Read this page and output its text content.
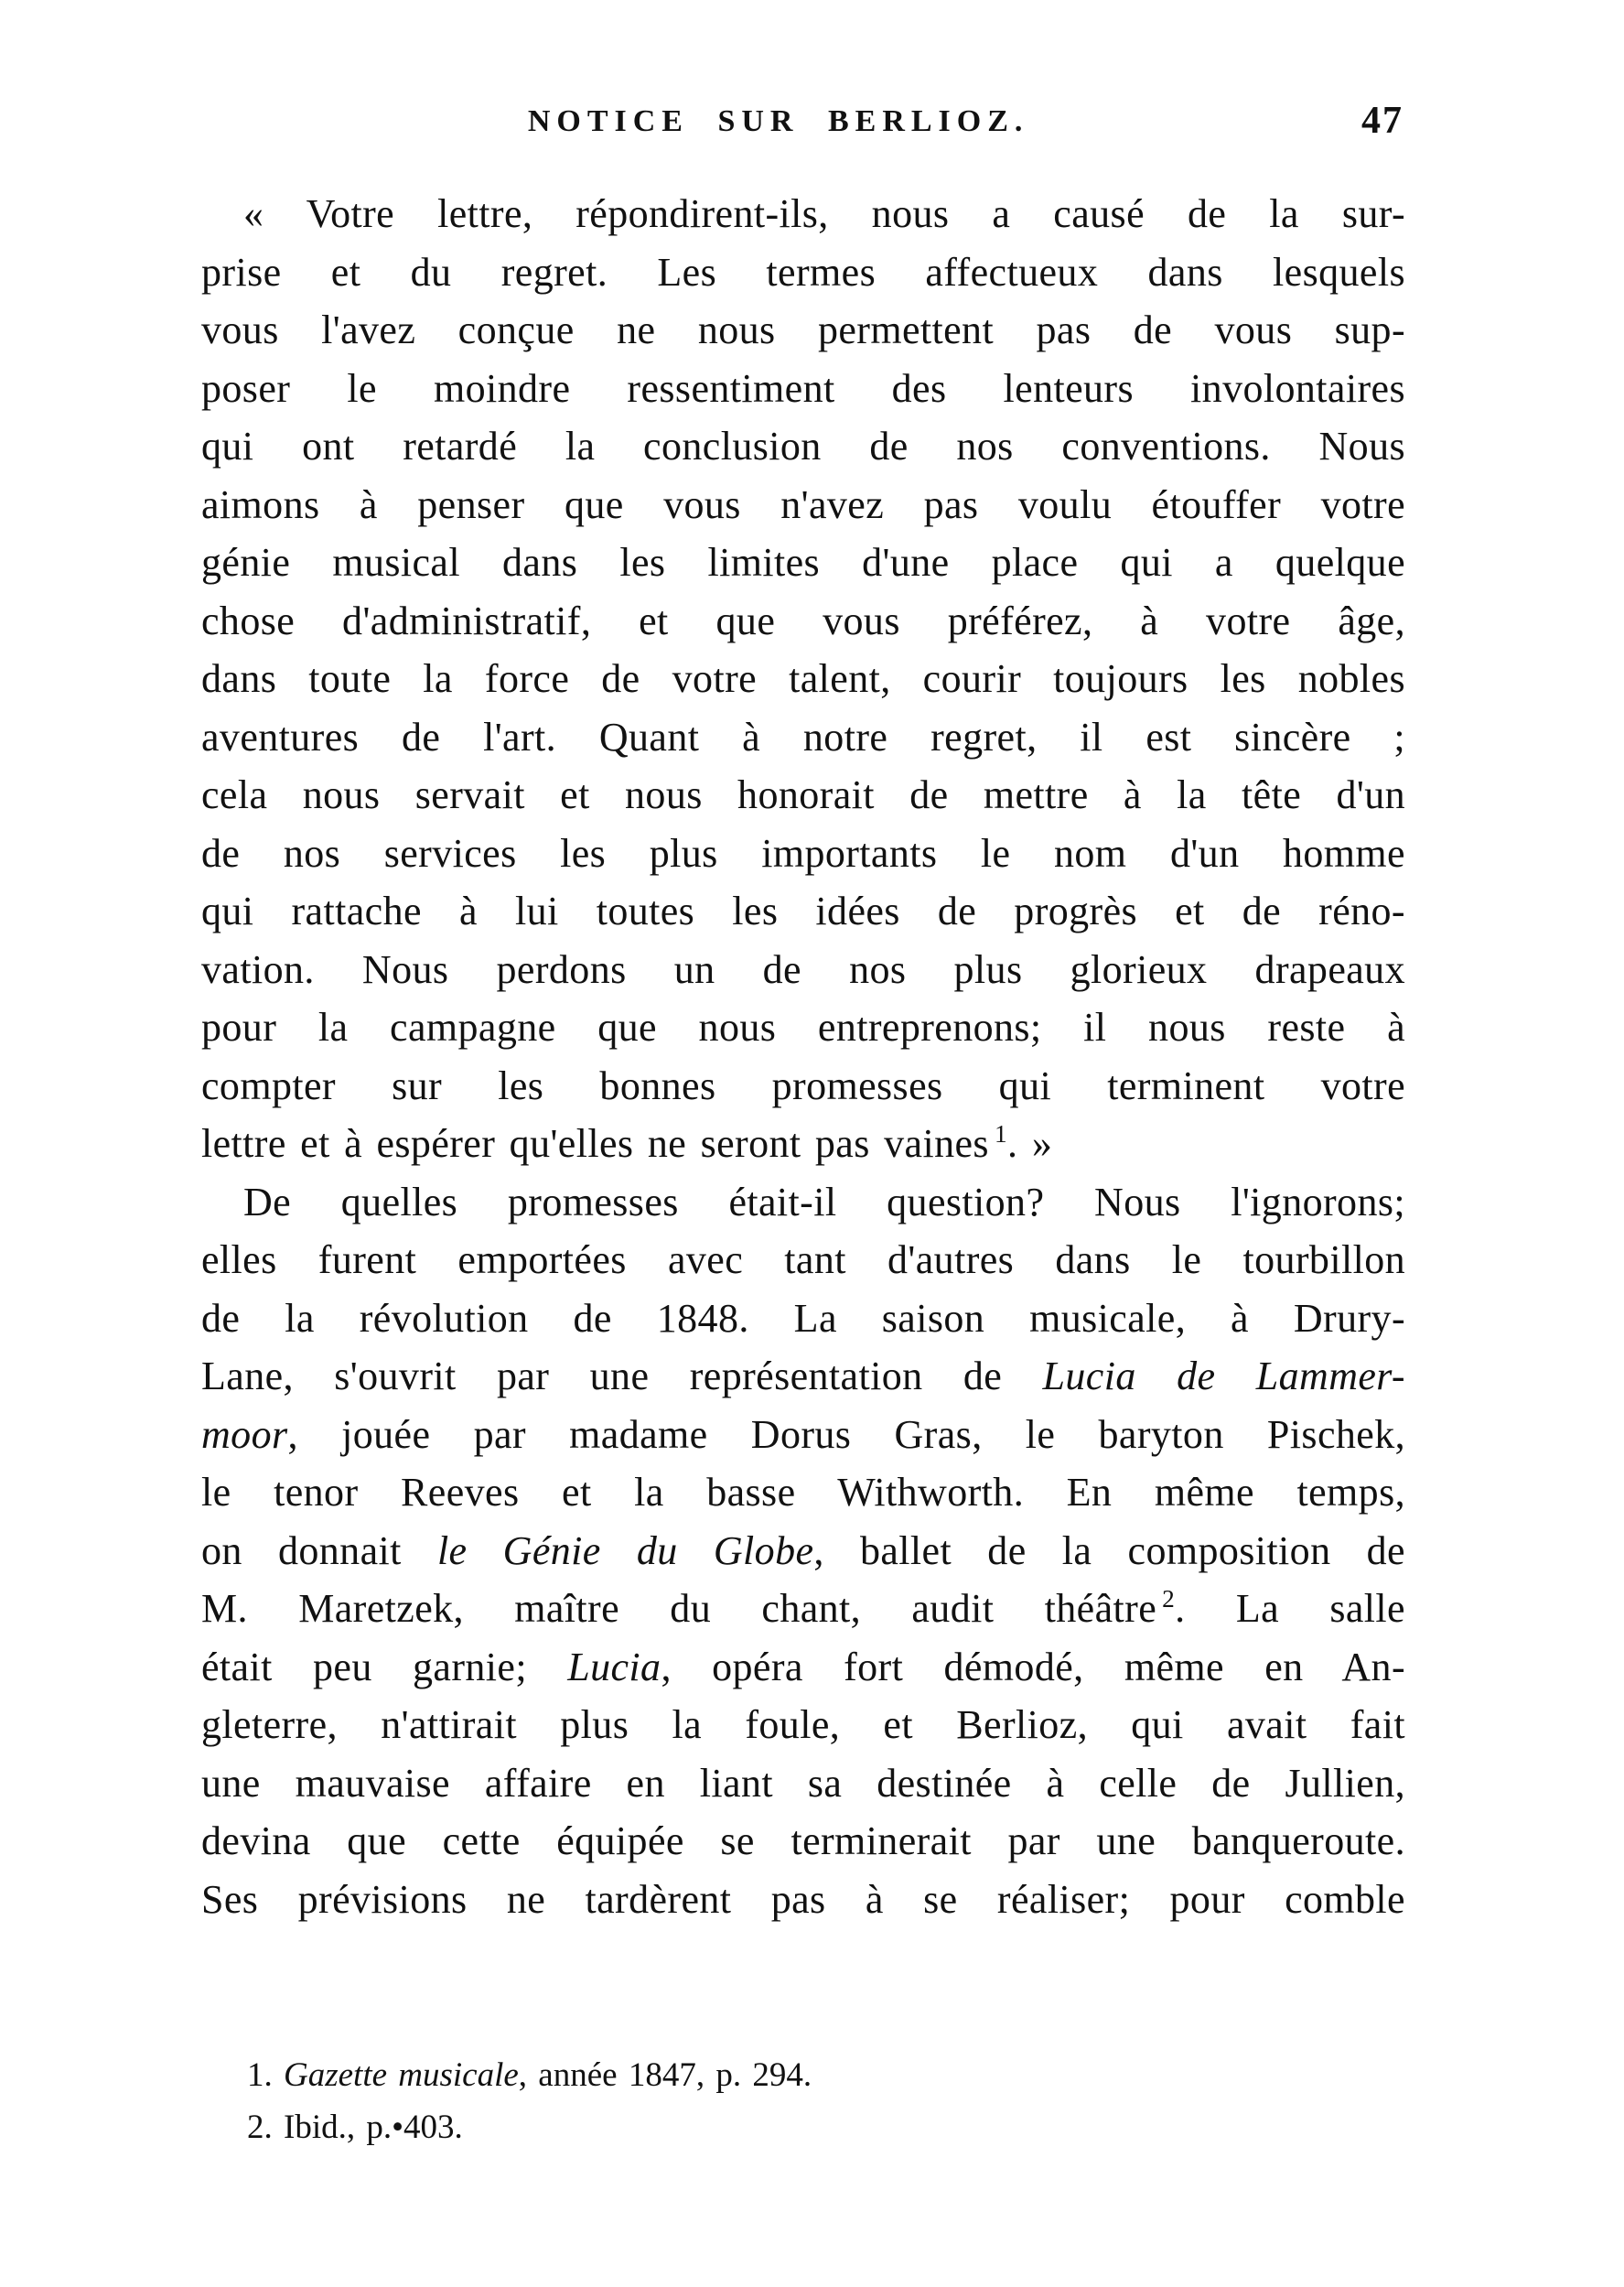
NOTICE SUR BERLIOZ.	47
« Votre lettre, répondirent-ils, nous a causé de la sur-
prise et du regret. Les termes affectueux dans lesquels
vous l'avez conçue ne nous permettent pas de vous sup-
poser le moindre ressentiment des lenteurs involontaires
qui ont retardé la conclusion de nos conventions. Nous
aimons à penser que vous n'avez pas voulu étouffer votre
génie musical dans les limites d'une place qui a quelque
chose d'administratif, et que vous préférez, à votre âge,
dans toute la force de votre talent, courir toujours les nobles
aventures de l'art. Quant à notre regret, il est sincère ;
cela nous servait et nous honorait de mettre à la tête d'un
de nos services les plus importants le nom d'un homme
qui rattache à lui toutes les idées de progrès et de réno-
vation. Nous perdons un de nos plus glorieux drapeaux
pour la campagne que nous entreprenons; il nous reste à
compter sur les bonnes promesses qui terminent votre
lettre et à espérer qu'elles ne seront pas vaines $^1$. »
De quelles promesses était-il question? Nous l'ignorons;
elles furent emportées avec tant d'autres dans le tourbillon
de la révolution de 1848. La saison musicale, à Drury-
Lane, s'ouvrit par une représentation de Lucia de Lammer-
moor, jouée par madame Dorus Gras, le baryton Pischek,
le tenor Reeves et la basse Withworth. En même temps,
on donnait le Génie du Globe, ballet de la composition de
M. Maretzek, maître du chant, audit théâtre $^2$. La salle
était peu garnie; Lucia, opéra fort démodé, même en An-
gleterre, n'attirait plus la foule, et Berlioz, qui avait fait
une mauvaise affaire en liant sa destinée à celle de Jullien,
devina que cette équipée se terminerait par une banqueroute.
Ses prévisions ne tardèrent pas à se réaliser; pour comble
1. Gazette musicale, année 1847, p. 294.
2. Ibid., p.•403.
